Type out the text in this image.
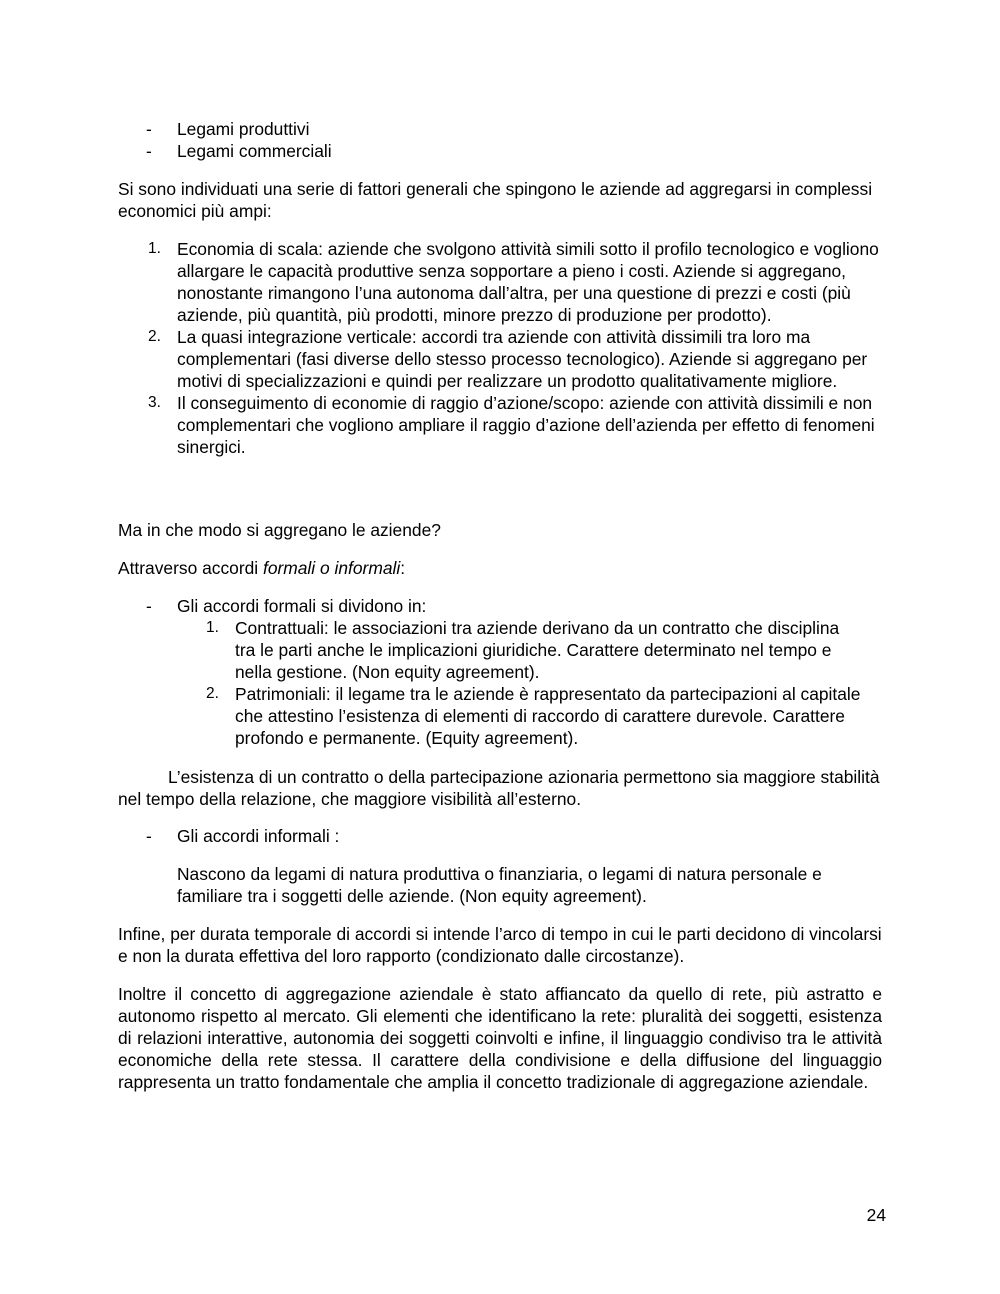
- Legami produttivi
- Legami commerciali

Si sono individuati una serie di fattori generali che spingono le aziende ad aggregarsi in complessi economici più ampi:

1. Economia di scala: aziende che svolgono attività simili sotto il profilo tecnologico e vogliono allargare le capacità produttive senza sopportare a pieno i costi. Aziende si aggregano, nonostante rimangono l’una autonoma dall’altra, per una questione di prezzi e costi (più aziende, più quantità, più prodotti, minore prezzo di produzione per prodotto).
2. La quasi integrazione verticale: accordi tra aziende con attività dissimili tra loro ma complementari (fasi diverse dello stesso processo tecnologico). Aziende si aggregano per motivi di specializzazioni e quindi per realizzare un prodotto qualitativamente migliore.
3. Il conseguimento di economie di raggio d’azione/scopo: aziende con attività dissimili e non complementari che vogliono ampliare il raggio d’azione dell’azienda per effetto di fenomeni sinergici.

Ma in che modo si aggregano le aziende?

Attraverso accordi formali o informali:

- Gli accordi formali si dividono in:
1. Contrattuali: le associazioni tra aziende derivano da un contratto che disciplina tra le parti anche le implicazioni giuridiche. Carattere determinato nel tempo e nella gestione. (Non equity agreement).
2. Patrimoniali: il legame tra le aziende è rappresentato da partecipazioni al capitale che attestino l’esistenza di elementi di raccordo di carattere durevole. Carattere profondo e permanente. (Equity agreement).

L’esistenza di un contratto o della partecipazione azionaria permettono sia maggiore stabilità nel tempo della relazione, che maggiore visibilità all’esterno.

- Gli accordi informali :

Nascono da legami di natura produttiva o finanziaria, o legami di natura personale e familiare tra i soggetti delle aziende. (Non equity agreement).

Infine, per durata temporale di accordi si intende l’arco di tempo in cui le parti decidono di vincolarsi e non la durata effettiva del loro rapporto (condizionato dalle circostanze).

Inoltre il concetto di aggregazione aziendale è stato affiancato da quello di rete, più astratto e autonomo rispetto al mercato. Gli elementi che identificano la rete: pluralità dei soggetti, esistenza di relazioni interattive, autonomia dei soggetti coinvolti e infine, il linguaggio condiviso tra le attività economiche della rete stessa. Il carattere della condivisione e della diffusione del linguaggio rappresenta un tratto fondamentale che amplia il concetto tradizionale di aggregazione aziendale.

24
